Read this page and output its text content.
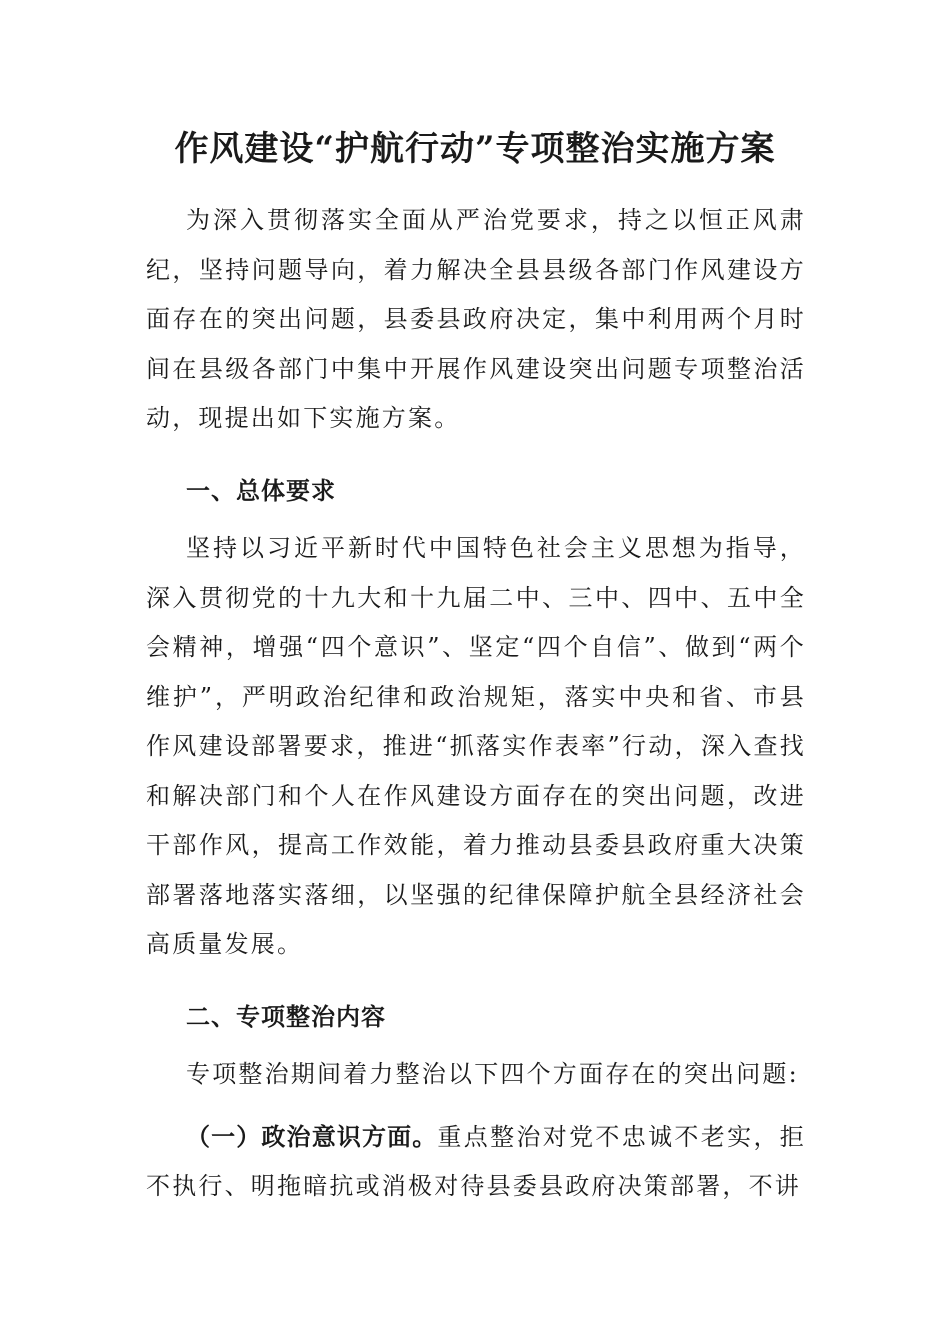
作风建设“护航行动”专项整治实施方案

为深入贯彻落实全面从严治党要求，持之以恒正风肃纪，坚持问题导向，着力解决全县县级各部门作风建设方面存在的突出问题，县委县政府决定，集中利用两个月时间在县级各部门中集中开展作风建设突出问题专项整治活动，现提出如下实施方案。

一、总体要求

坚持以习近平新时代中国特色社会主义思想为指导，深入贯彻党的十九大和十九届二中、三中、四中、五中全会精神，增强“四个意识”、坚定“四个自信”、做到“两个维护”，严明政治纪律和政治规矩，落实中央和省、市县作风建设部署要求，推进“抓落实作表率”行动，深入查找和解决部门和个人在作风建设方面存在的突出问题，改进干部作风，提高工作效能，着力推动县委县政府重大决策部署落地落实落细，以坚强的纪律保障护航全县经济社会高质量发展。

二、专项整治内容

专项整治期间着力整治以下四个方面存在的突出问题:

（一）政治意识方面。重点整治对党不忠诚不老实，拒不执行、明拖暗抗或消极对待县委县政府决策部署，不讲
